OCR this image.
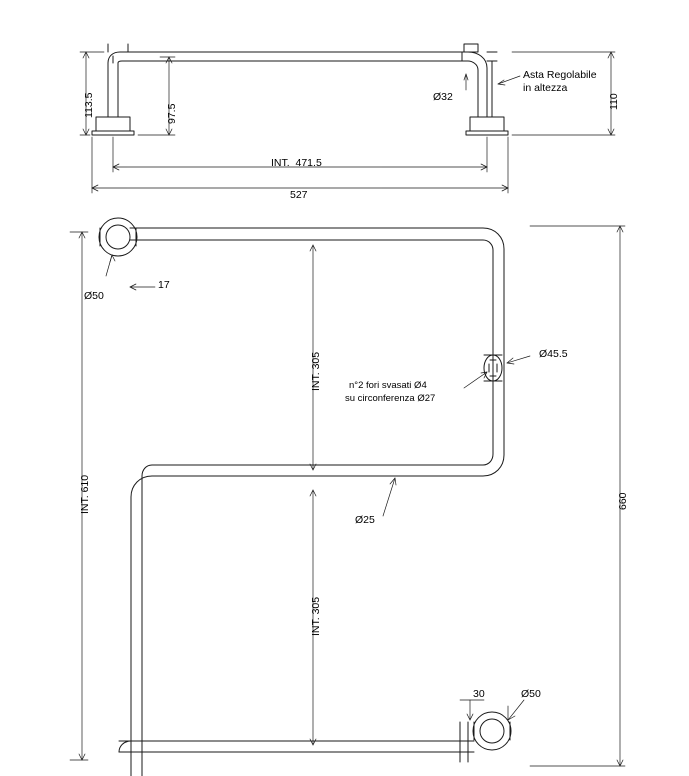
113.5	97.5
INT.  471.5
527
Ø32	110
Asta Regolabile
in altezza
Ø50
17
INT. 305	Ø45.5
INT. 610
Ø25
INT. 305
660
30	Ø50
n°2 fori svasati Ø4
su circonferenza Ø27
